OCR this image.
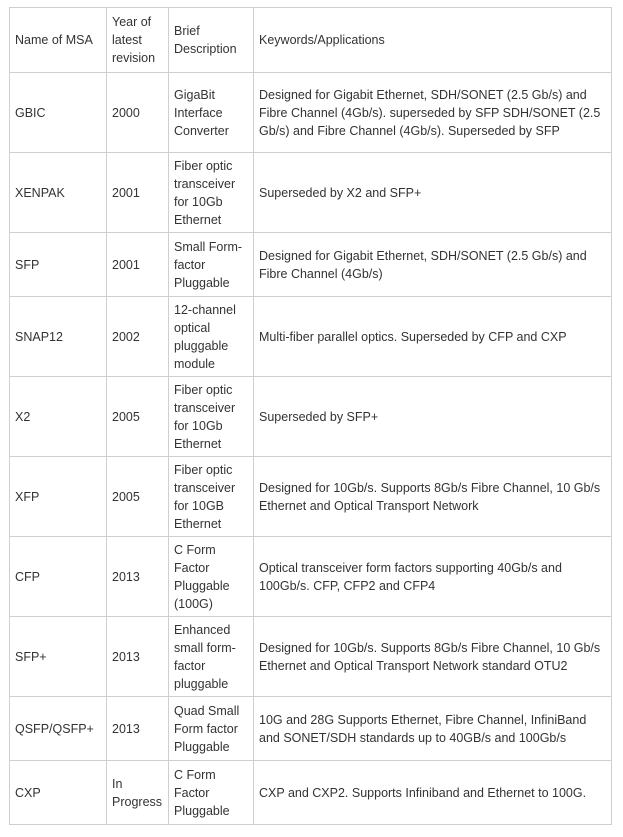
Name of MSA	Year of latest revision	Brief Description	Keywords/Applications
GBIC	2000	GigaBit Interface Converter	Designed for Gigabit Ethernet, SDH/SONET (2.5 Gb/s) and Fibre Channel (4Gb/s). superseded by SFP SDH/SONET (2.5 Gb/s) and Fibre Channel (4Gb/s). Superseded by SFP
XENPAK	2001	Fiber optic transceiver for 10Gb Ethernet	Superseded by X2 and SFP+
SFP	2001	Small Form-factor Pluggable	Designed for Gigabit Ethernet, SDH/SONET (2.5 Gb/s) and Fibre Channel (4Gb/s)
SNAP12	2002	12-channel optical pluggable module	Multi-fiber parallel optics. Superseded by CFP and CXP
X2	2005	Fiber optic transceiver for 10Gb Ethernet	Superseded by SFP+
XFP	2005	Fiber optic transceiver for 10GB Ethernet	Designed for 10Gb/s. Supports 8Gb/s Fibre Channel, 10 Gb/s Ethernet and Optical Transport Network
CFP	2013	C Form Factor Pluggable (100G)	Optical transceiver form factors supporting 40Gb/s and 100Gb/s. CFP, CFP2 and CFP4
SFP+	2013	Enhanced small form-factor pluggable	Designed for 10Gb/s. Supports 8Gb/s Fibre Channel, 10 Gb/s Ethernet and Optical Transport Network standard OTU2
QSFP/QSFP+	2013	Quad Small Form factor Pluggable	10G and 28G Supports Ethernet, Fibre Channel, InfiniBand and SONET/SDH standards up to 40GB/s and 100Gb/s
CXP	In Progress	C Form Factor Pluggable	CXP and CXP2. Supports Infiniband and Ethernet to 100G.
